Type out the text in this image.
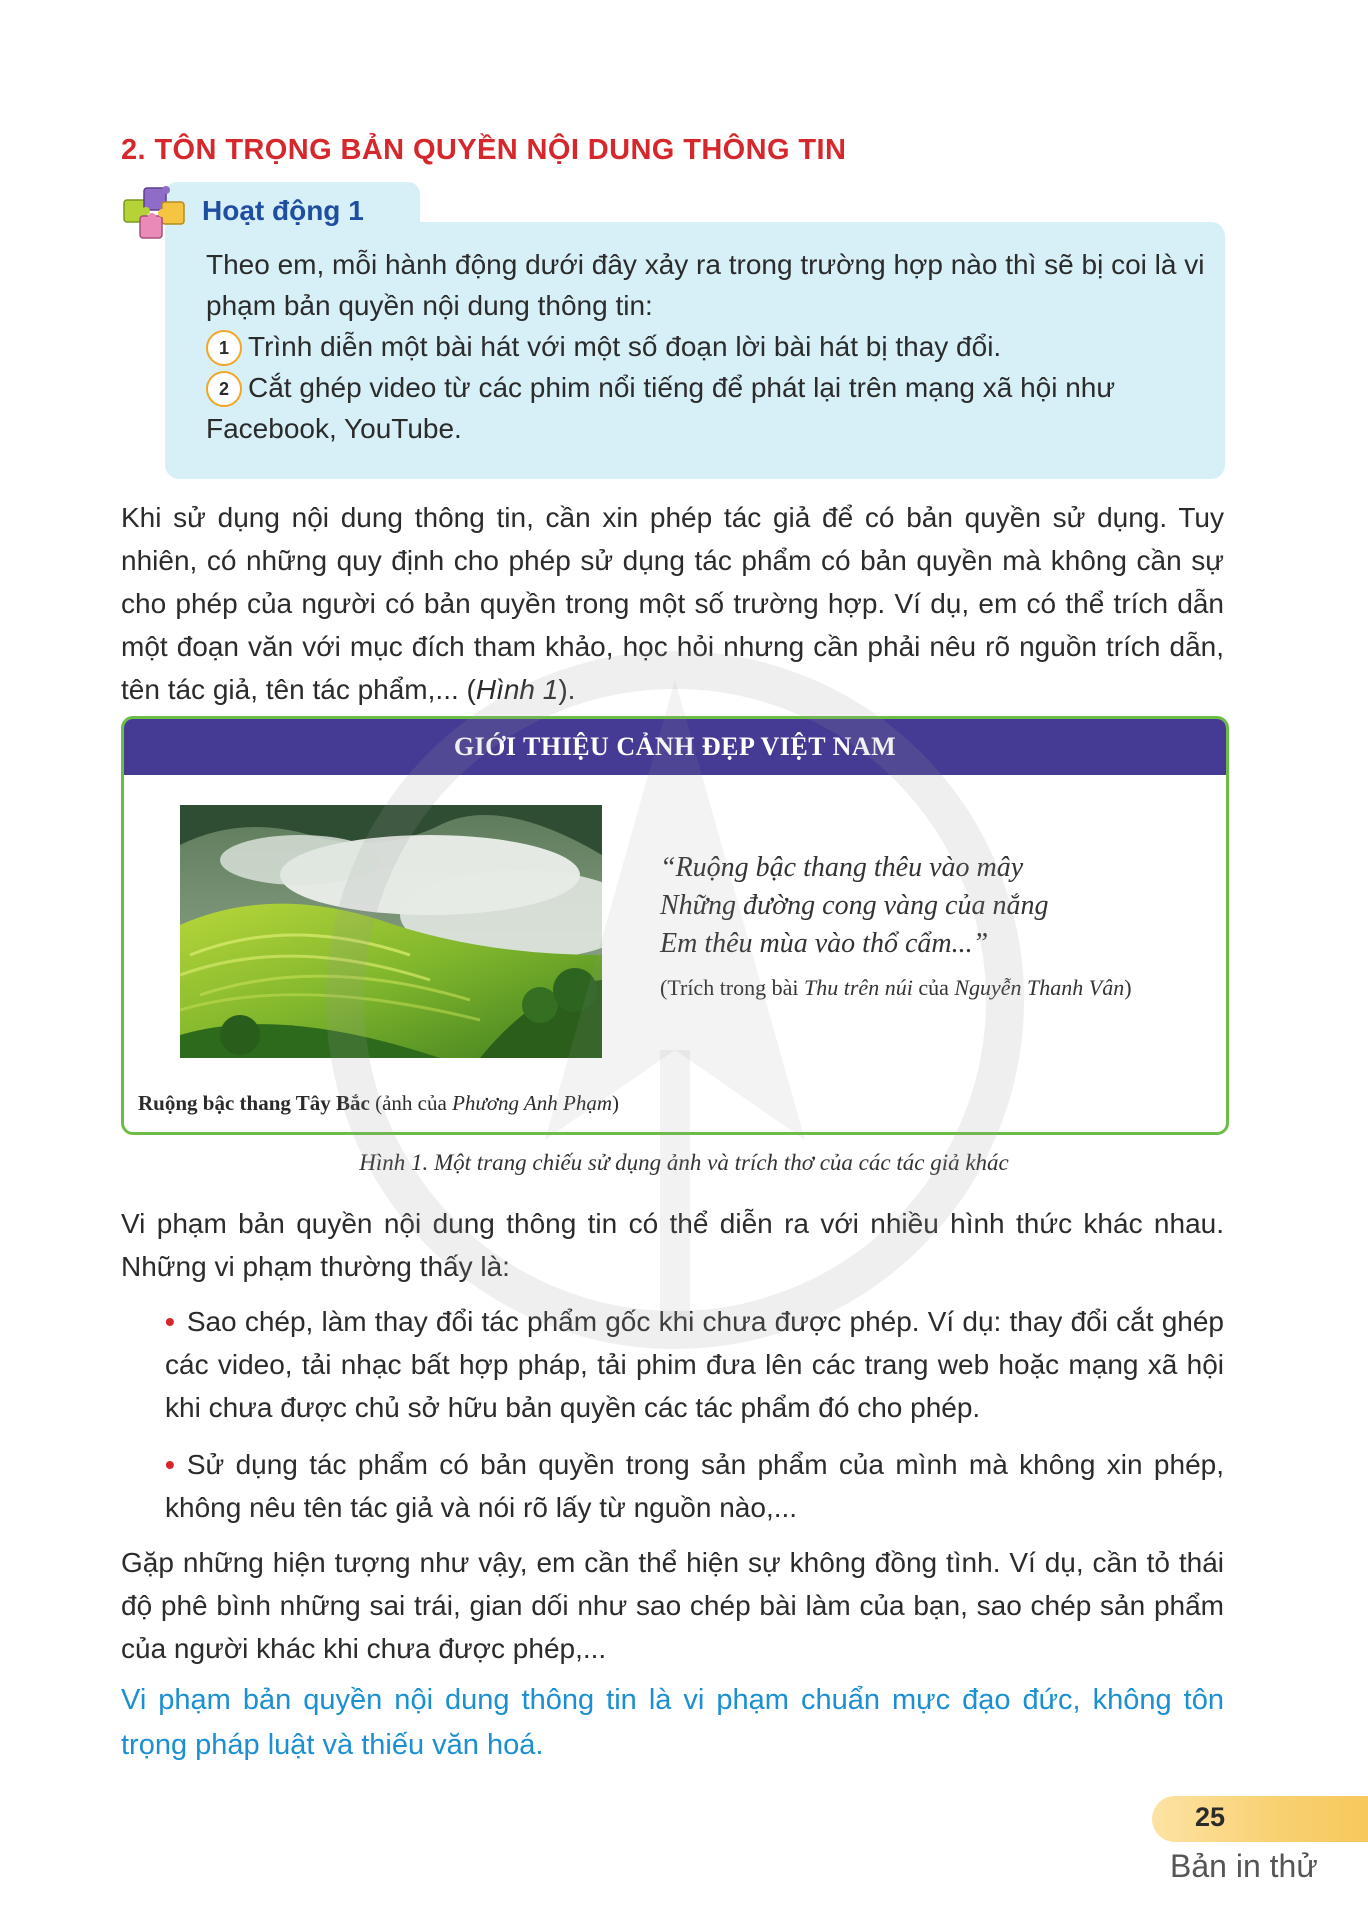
2. TÔN TRỌNG BẢN QUYỀN NỘI DUNG THÔNG TIN
Hoạt động 1

Theo em, mỗi hành động dưới đây xảy ra trong trường hợp nào thì sẽ bị coi là vi phạm bản quyền nội dung thông tin:

1 Trình diễn một bài hát với một số đoạn lời bài hát bị thay đổi.

2 Cắt ghép video từ các phim nổi tiếng để phát lại trên mạng xã hội như Facebook, YouTube.

Khi sử dụng nội dung thông tin, cần xin phép tác giả để có bản quyền sử dụng. Tuy nhiên, có những quy định cho phép sử dụng tác phẩm có bản quyền mà không cần sự cho phép của người có bản quyền trong một số trường hợp. Ví dụ, em có thể trích dẫn một đoạn văn với mục đích tham khảo, học hỏi nhưng cần phải nêu rõ nguồn trích dẫn, tên tác giả, tên tác phẩm,... (Hình 1).

GIỚI THIỆU CẢNH ĐẸP VIỆT NAM
Ruộng bậc thang Tây Bắc (ảnh của Phương Anh Phạm)

“Ruộng bậc thang thêu vào mây

Những đường cong vàng của nắng

Em thêu mùa vào thổ cẩm...”

(Trích trong bài Thu trên núi của Nguyễn Thanh Vân)
Hình 1. Một trang chiếu sử dụng ảnh và trích thơ của các tác giả khác

Vi phạm bản quyền nội dung thông tin có thể diễn ra với nhiều hình thức khác nhau. Những vi phạm thường thấy là:

• Sao chép, làm thay đổi tác phẩm gốc khi chưa được phép. Ví dụ: thay đổi cắt ghép các video, tải nhạc bất hợp pháp, tải phim đưa lên các trang web hoặc mạng xã hội khi chưa được chủ sở hữu bản quyền các tác phẩm đó cho phép.
• Sử dụng tác phẩm có bản quyền trong sản phẩm của mình mà không xin phép, không nêu tên tác giả và nói rõ lấy từ nguồn nào,...

Gặp những hiện tượng như vậy, em cần thể hiện sự không đồng tình. Ví dụ, cần tỏ thái độ phê bình những sai trái, gian dối như sao chép bài làm của bạn, sao chép sản phẩm của người khác khi chưa được phép,...

Vi phạm bản quyền nội dung thông tin là vi phạm chuẩn mực đạo đức, không tôn trọng pháp luật và thiếu văn hoá.

25
Bản in thử
